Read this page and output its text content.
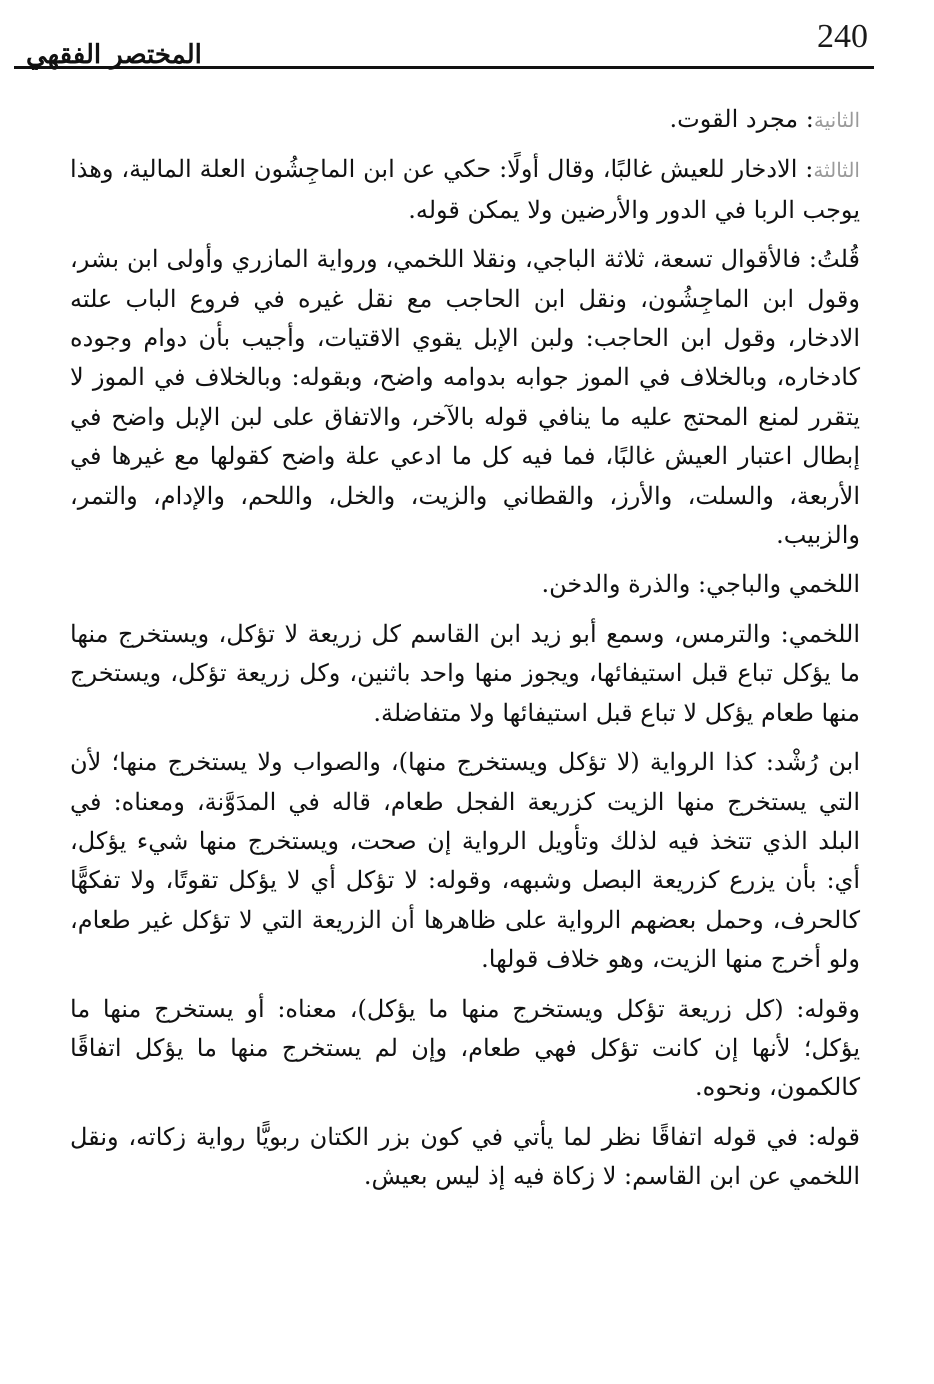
240
المختصر الفقهي

الثانية: مجرد القوت.

الثالثة: الادخار للعيش غالبًا، وقال أولًا: حكي عن ابن الماجِشُون العلة المالية، وهذا يوجب الربا في الدور والأرضين ولا يمكن قوله.

قُلتُ: فالأقوال تسعة، ثلاثة الباجي، ونقلا اللخمي، ورواية المازري وأولى ابن بشر، وقول ابن الماجِشُون، ونقل ابن الحاجب مع نقل غيره في فروع الباب علته الادخار، وقول ابن الحاجب: ولبن الإبل يقوي الاقتيات، وأجيب بأن دوام وجوده كادخاره، وبالخلاف في الموز جوابه بدوامه واضح، وبقوله: وبالخلاف في الموز لا يتقرر لمنع المحتج عليه ما ينافي قوله بالآخر، والاتفاق على لبن الإبل واضح في إبطال اعتبار العيش غالبًا، فما فيه كل ما ادعي علة واضح كقولها مع غيرها في الأربعة، والسلت، والأرز، والقطاني والزيت، والخل، واللحم، والإدام، والتمر، والزبيب.

اللخمي والباجي: والذرة والدخن.

اللخمي: والترمس، وسمع أبو زيد ابن القاسم كل زريعة لا تؤكل، ويستخرج منها ما يؤكل تباع قبل استيفائها، ويجوز منها واحد باثنين، وكل زريعة تؤكل، ويستخرج منها طعام يؤكل لا تباع قبل استيفائها ولا متفاضلة.

ابن رُشْد: كذا الرواية (لا تؤكل ويستخرج منها)، والصواب ولا يستخرج منها؛ لأن التي يستخرج منها الزيت كزريعة الفجل طعام، قاله في المدَوَّنة، ومعناه: في البلد الذي تتخذ فيه لذلك وتأويل الرواية إن صحت، ويستخرج منها شيء يؤكل، أي: بأن يزرع كزريعة البصل وشبهه، وقوله: لا تؤكل أي لا يؤكل تقوتًا، ولا تفكهًّا كالحرف، وحمل بعضهم الرواية على ظاهرها أن الزريعة التي لا تؤكل غير طعام، ولو أخرج منها الزيت، وهو خلاف قولها.

وقوله: (كل زريعة تؤكل ويستخرج منها ما يؤكل)، معناه: أو يستخرج منها ما يؤكل؛ لأنها إن كانت تؤكل فهي طعام، وإن لم يستخرج منها ما يؤكل اتفاقًا كالكمون، ونحوه.

قوله: في قوله اتفاقًا نظر لما يأتي في كون بزر الكتان ربويًّا رواية زكاته، ونقل اللخمي عن ابن القاسم: لا زكاة فيه إذ ليس بعيش.
